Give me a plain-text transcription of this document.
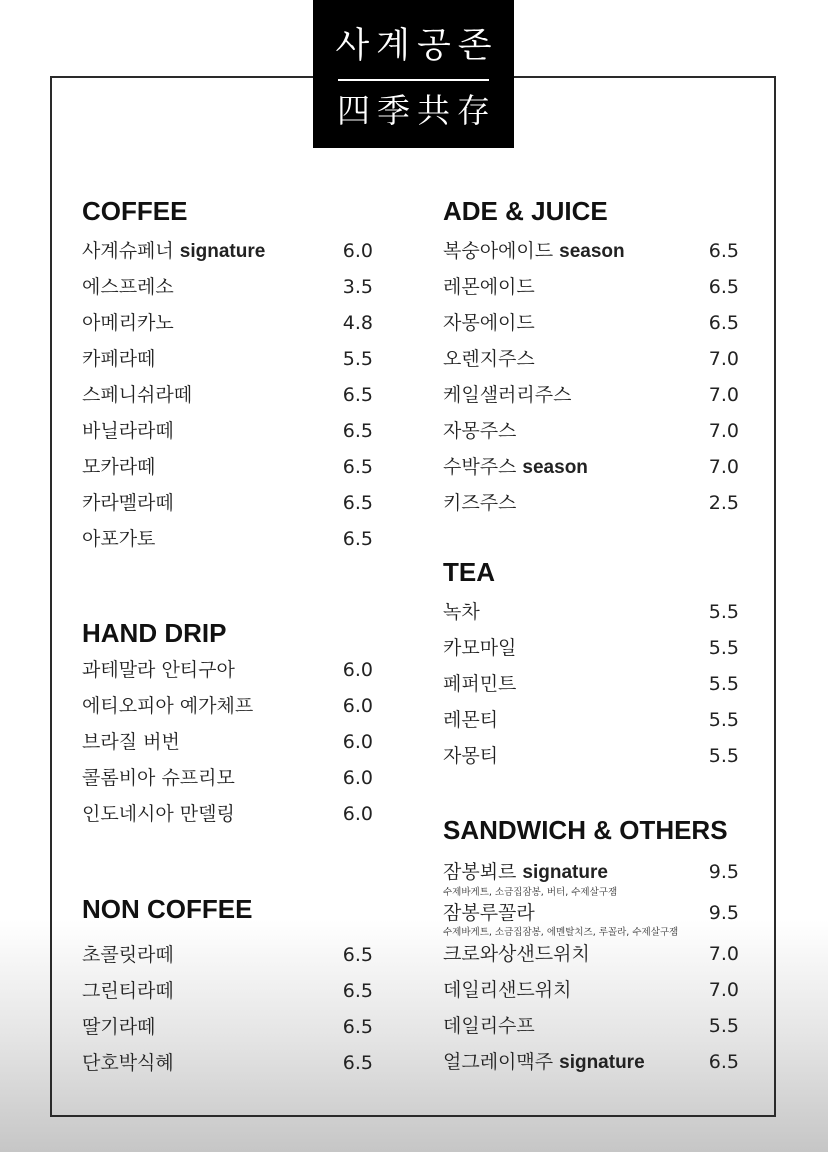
사계공존
四季共存
COFFEE
사계슈페너 signature	6.0
에스프레소	3.5
아메리카노	4.8
카페라떼	5.5
스페니쉬라떼	6.5
바닐라라떼	6.5
모카라떼	6.5
카라멜라떼	6.5
아포가토	6.5
HAND DRIP
과테말라 안티구아	6.0
에티오피아 예가체프	6.0
브라질 버번	6.0
콜롬비아 슈프리모	6.0
인도네시아 만델링	6.0
NON COFFEE
초콜릿라떼	6.5
그린티라떼	6.5
딸기라떼	6.5
단호박식혜	6.5
ADE & JUICE
복숭아에이드 season	6.5
레몬에이드	6.5
자몽에이드	6.5
오렌지주스	7.0
케일샐러리주스	7.0
자몽주스	7.0
수박주스 season	7.0
키즈주스	2.5
TEA
녹차	5.5
카모마일	5.5
페퍼민트	5.5
레몬티	5.5
자몽티	5.5
SANDWICH & OTHERS
잠봉뵈르 signature	9.5
수제바게트, 소금집잠봉, 버터, 수제살구잼
잠봉루꼴라	9.5
수제바게트, 소금집잠봉, 에멘탈치즈, 루꼴라, 수제살구잼
크로와상샌드위치	7.0
데일리샌드위치	7.0
데일리수프	5.5
얼그레이맥주 signature	6.5
